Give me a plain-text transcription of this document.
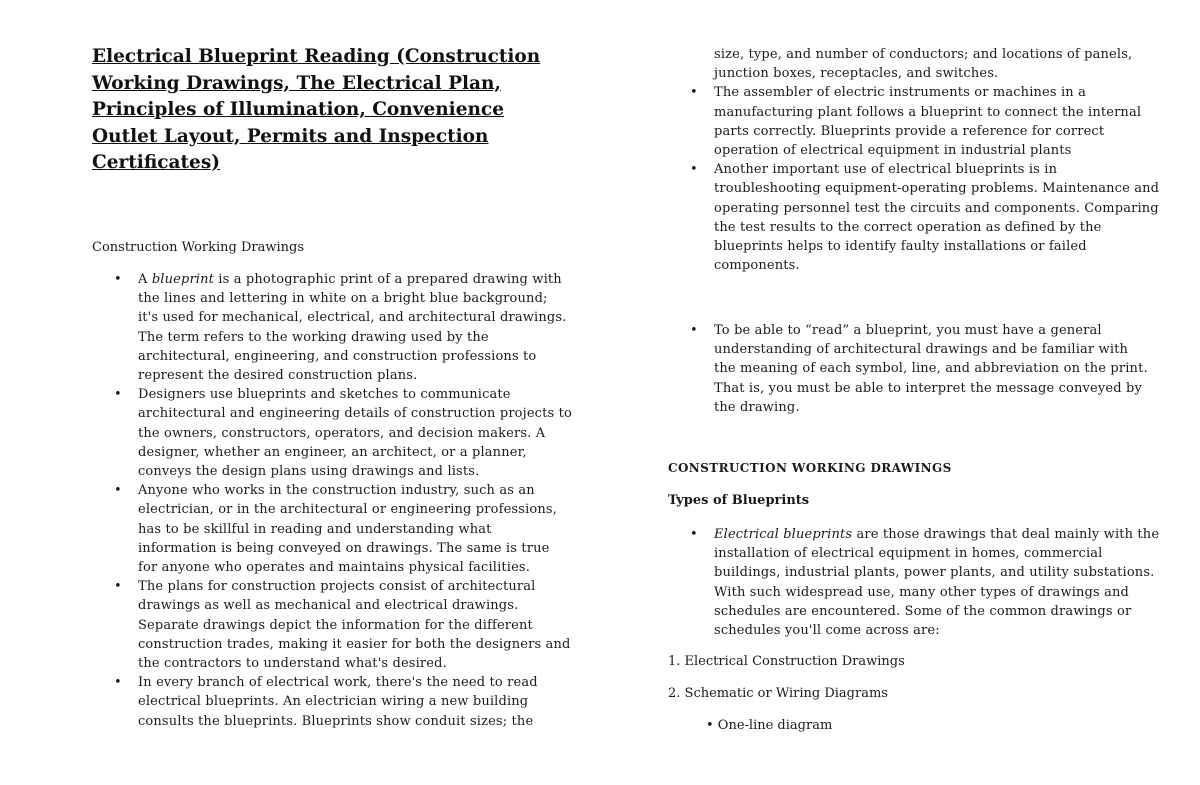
Electrical Blueprint Reading (Construction Working Drawings, The Electrical Plan, Principles of Illumination, Convenience Outlet Layout, Permits and Inspection Certificates)

Construction Working Drawings

• A blueprint is a photographic print of a prepared drawing with the lines and lettering in white on a bright blue background; it's used for mechanical, electrical, and architectural drawings. The term refers to the working drawing used by the architectural, engineering, and construction professions to represent the desired construction plans.
• Designers use blueprints and sketches to communicate architectural and engineering details of construction projects to the owners, constructors, operators, and decision makers. A designer, whether an engineer, an architect, or a planner, conveys the design plans using drawings and lists.
• Anyone who works in the construction industry, such as an electrician, or in the architectural or engineering professions, has to be skillful in reading and understanding what information is being conveyed on drawings. The same is true for anyone who operates and maintains physical facilities.
• The plans for construction projects consist of architectural drawings as well as mechanical and electrical drawings. Separate drawings depict the information for the different construction trades, making it easier for both the designers and the contractors to understand what's desired.
• In every branch of electrical work, there's the need to read electrical blueprints. An electrician wiring a new building consults the blueprints. Blueprints show conduit sizes; the
size, type, and number of conductors; and locations of panels, junction boxes, receptacles, and switches.
• The assembler of electric instruments or machines in a manufacturing plant follows a blueprint to connect the internal parts correctly. Blueprints provide a reference for correct operation of electrical equipment in industrial plants
• Another important use of electrical blueprints is in troubleshooting equipment-operating problems. Maintenance and operating personnel test the circuits and components. Comparing the test results to the correct operation as defined by the blueprints helps to identify faulty installations or failed components.
• To be able to “read” a blueprint, you must have a general understanding of architectural drawings and be familiar with the meaning of each symbol, line, and abbreviation on the print. That is, you must be able to interpret the message conveyed by the drawing.

CONSTRUCTION WORKING DRAWINGS

Types of Blueprints

• Electrical blueprints are those drawings that deal mainly with the installation of electrical equipment in homes, commercial buildings, industrial plants, power plants, and utility substations. With such widespread use, many other types of drawings and schedules are encountered. Some of the common drawings or schedules you'll come across are:

1. Electrical Construction Drawings

2. Schematic or Wiring Diagrams

• One-line diagram
